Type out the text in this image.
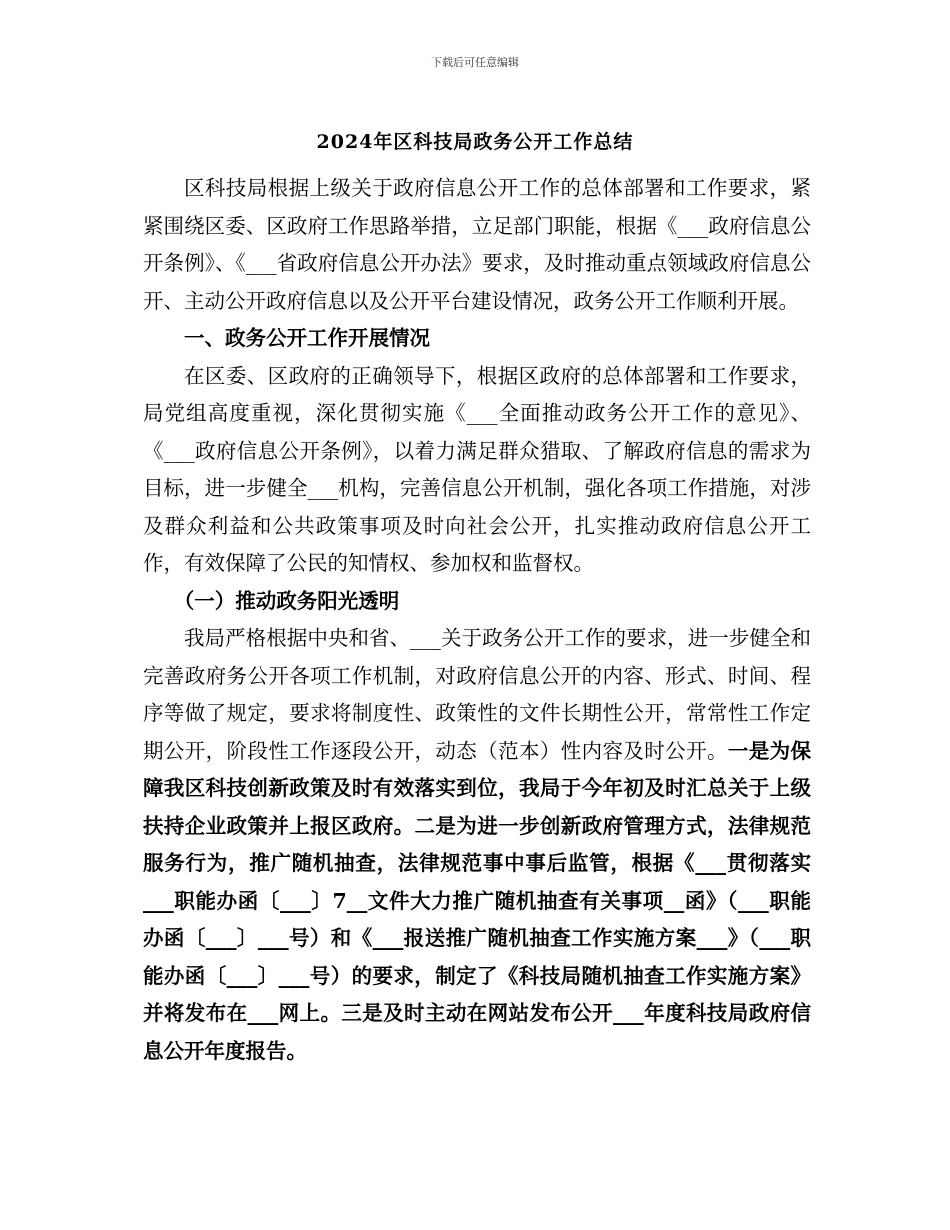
下载后可任意编辑
2024年区科技局政务公开工作总结

区科技局根据上级关于政府信息公开工作的总体部署和工作要求，紧紧围绕区委、区政府工作思路举措，立足部门职能，根据《___政府信息公开条例》、《___省政府信息公开办法》要求，及时推动重点领域政府信息公开、主动公开政府信息以及公开平台建设情况，政务公开工作顺利开展。

一、政务公开工作开展情况

在区委、区政府的正确领导下，根据区政府的总体部署和工作要求，局党组高度重视，深化贯彻实施《___全面推动政务公开工作的意见》、《___政府信息公开条例》，以着力满足群众猎取、了解政府信息的需求为目标，进一步健全___机构，完善信息公开机制，强化各项工作措施，对涉及群众利益和公共政策事项及时向社会公开，扎实推动政府信息公开工作，有效保障了公民的知情权、参加权和监督权。

（一）推动政务阳光透明

我局严格根据中央和省、___关于政务公开工作的要求，进一步健全和完善政府务公开各项工作机制，对政府信息公开的内容、形式、时间、程序等做了规定，要求将制度性、政策性的文件长期性公开，常常性工作定期公开，阶段性工作逐段公开，动态（范本）性内容及时公开。一是为保障我区科技创新政策及时有效落实到位，我局于今年初及时汇总关于上级扶持企业政策并上报区政府。二是为进一步创新政府管理方式，法律规范服务行为，推广随机抽查，法律规范事中事后监管，根据《___贯彻落实___职能办函〔___〕7__文件大力推广随机抽查有关事项__函》（___职能办函〔___〕___号）和《___报送推广随机抽查工作实施方案___》（___职能办函〔___〕___号）的要求，制定了《科技局随机抽查工作实施方案》并将发布在___网上。三是及时主动在网站发布公开___年度科技局政府信息公开年度报告。
